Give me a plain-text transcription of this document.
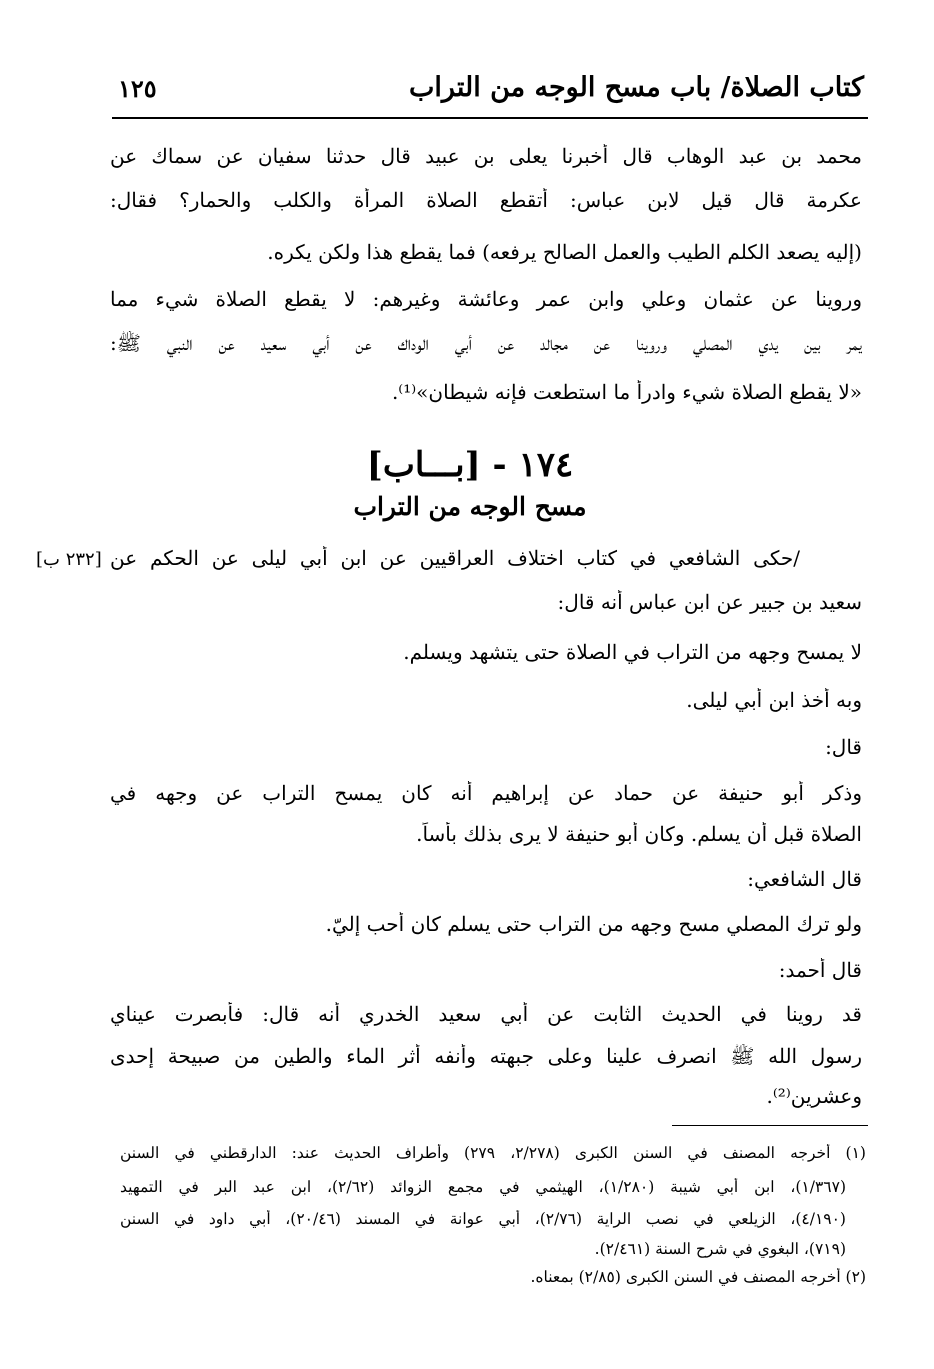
كتاب الصلاة/ باب مسح الوجه من التراب
١٢٥
محمد بن عبد الوهاب قال أخبرنا يعلى بن عبيد قال حدثنا سفيان عن سماك عن
عكرمة قال قيل لابن عباس: أتقطع الصلاة المرأة والكلب والحمار؟ فقال:
(إليه يصعد الكلم الطيب والعمل الصالح يرفعه) فما يقطع هذا ولكن يكره.
وروينا عن عثمان وعلي وابن عمر وعائشة وغيرهم: لا يقطع الصلاة شيء مما
يمر بين يدي المصلي وروينا عن مجالد عن أبي الوداك عن أبي سعيد عن النبي ﷺ:
«لا يقطع الصلاة شيء وادرأ ما استطعت فإنه شيطان»⁽¹⁾.
١٧٤ - [بـــاب]
مسح الوجه من التراب
[٢٣٢ ب] /حكى الشافعي في كتاب اختلاف العراقيين عن ابن أبي ليلى عن الحكم عن
سعيد بن جبير عن ابن عباس أنه قال:
لا يمسح وجهه من التراب في الصلاة حتى يتشهد ويسلم.
وبه أخذ ابن أبي ليلى.
قال:
وذكر أبو حنيفة عن حماد عن إبراهيم أنه كان يمسح التراب عن وجهه في
الصلاة قبل أن يسلم. وكان أبو حنيفة لا يرى بذلك بأساً.
قال الشافعي:
ولو ترك المصلي مسح وجهه من التراب حتى يسلم كان أحب إليّ.
قال أحمد:
قد روينا في الحديث الثابت عن أبي سعيد الخدري أنه قال: فأبصرت عيناي
رسول الله ﷺ انصرف علينا وعلى جبهته وأنفه أثر الماء والطين من صبيحة إحدى
وعشرين⁽²⁾.
(١) أخرجه المصنف في السنن الكبرى (٢/٢٧٨، ٢٧٩) وأطراف الحديث عند: الدارقطني في السنن
(١/٣٦٧)، ابن أبي شيبة (١/٢٨٠)، الهيثمي في مجمع الزوائد (٢/٦٢)، ابن عبد البر في التمهيد
(٤/١٩٠)، الزيلعي في نصب الراية (٢/٧٦)، أبي عوانة في المسند (٢٠/٤٦)، أبي داود في السنن
(٧١٩)، البغوي في شرح السنة (٢/٤٦١).
(٢) أخرجه المصنف في السنن الكبرى (٢/٨٥) بمعناه.
